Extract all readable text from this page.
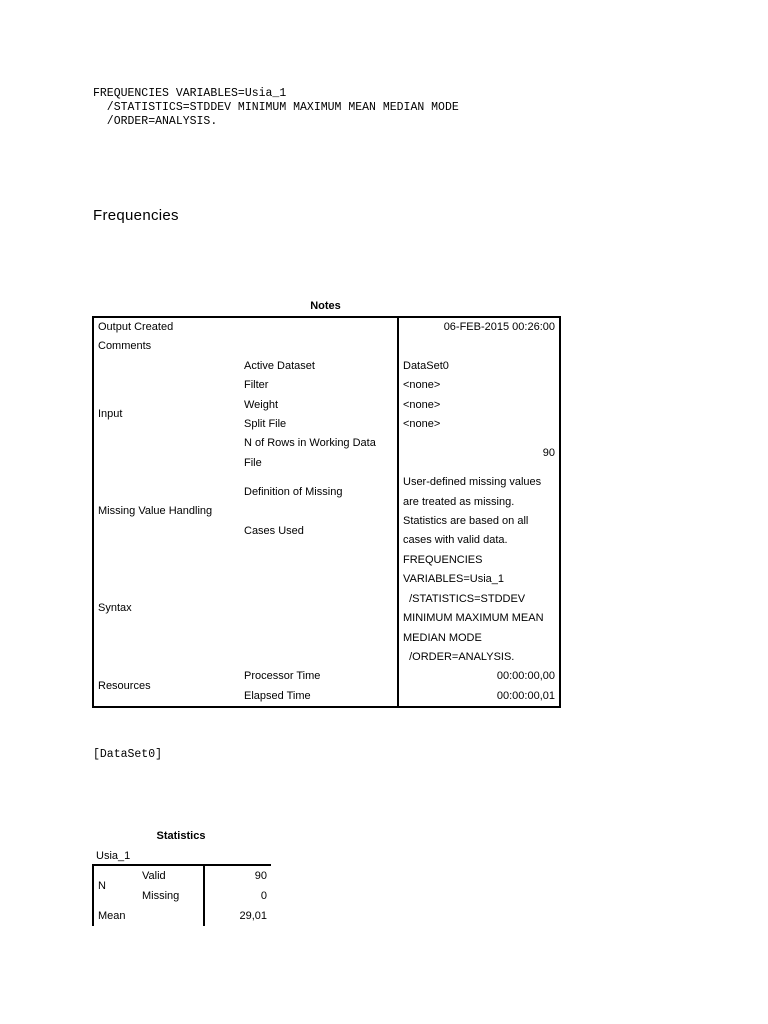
FREQUENCIES VARIABLES=Usia_1
/STATISTICS=STDDEV MINIMUM MAXIMUM MEAN MEDIAN MODE
/ORDER=ANALYSIS.
Frequencies
Notes
Output Created		06-FEB-2015 00:26:00
Comments		
Input	Active Dataset	DataSet0
	Filter	<none>
	Weight	<none>
	Split File	<none>
	N of Rows in Working Data	90
	File	
Missing Value Handling	Definition of Missing	User-defined missing values
		are treated as missing.
	Cases Used	Statistics are based on all
		cases with valid data.
Syntax		FREQUENCIES
		VARIABLES=Usia_1
		/STATISTICS=STDDEV
		MINIMUM MAXIMUM MEAN
		MEDIAN MODE
		/ORDER=ANALYSIS.
Resources	Processor Time	00:00:00,00
	Elapsed Time	00:00:00,01
[DataSet0]
Statistics
Usia_1
N	Valid	90
	Missing	0
Mean		29,01
